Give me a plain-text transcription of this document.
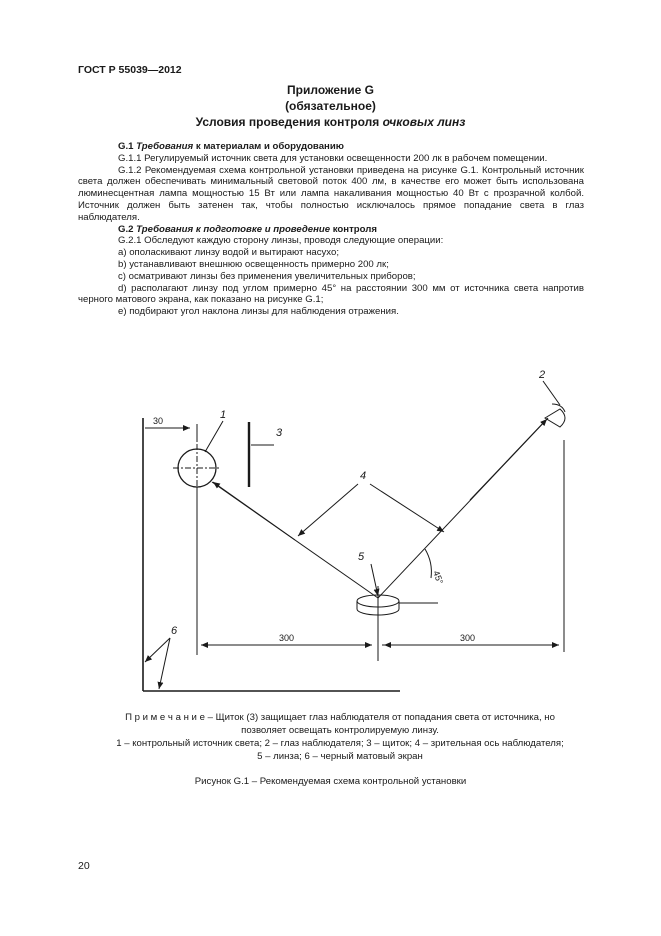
ГОСТ Р 55039—2012
Приложение G
(обязательное)
Условия проведения контроля очковых линз

G.1 Требования к материалам и оборудованию

G.1.1 Регулируемый источник света для установки освещенности 200 лк в рабочем помещении.

G.1.2 Рекомендуемая схема контрольной установки приведена на рисунке G.1. Контрольный источник света должен обеспечивать минимальный световой поток 400 лм, в качестве его может быть использована люминесцентная лампа мощностью 15 Вт или лампа накаливания мощностью 40 Вт с прозрачной колбой. Источник должен быть затенен так, чтобы полностью исключалось прямое попадание света в глаз наблюдателя.

G.2 Требования к подготовке и проведение контроля

G.2.1 Обследуют каждую сторону линзы, проводя следующие операции:

а) ополаскивают линзу водой и вытирают насухо;

b) устанавливают внешнюю освещенность примерно 200 лк;

с) осматривают линзы без применения увеличительных приборов;

d) располагают линзу под углом примерно 45° на расстоянии 300 мм от источника света напротив черного матового экрана, как показано на рисунке G.1;

е) подбирают угол наклона линзы для наблюдения отражения.

1
2
3
4
5
6
30
300	300
45°
П р и м е ч а н и е – Щиток (3) защищает глаз наблюдателя от попадания света от источника, но
позволяет освещать контролируемую линзу.
1 – контрольный источник света; 2 – глаз наблюдателя; 3 – щиток; 4 – зрительная ось наблюдателя;
5 – линза; 6 – черный матовый экран
Рисунок G.1 – Рекомендуемая схема контрольной установки
20
